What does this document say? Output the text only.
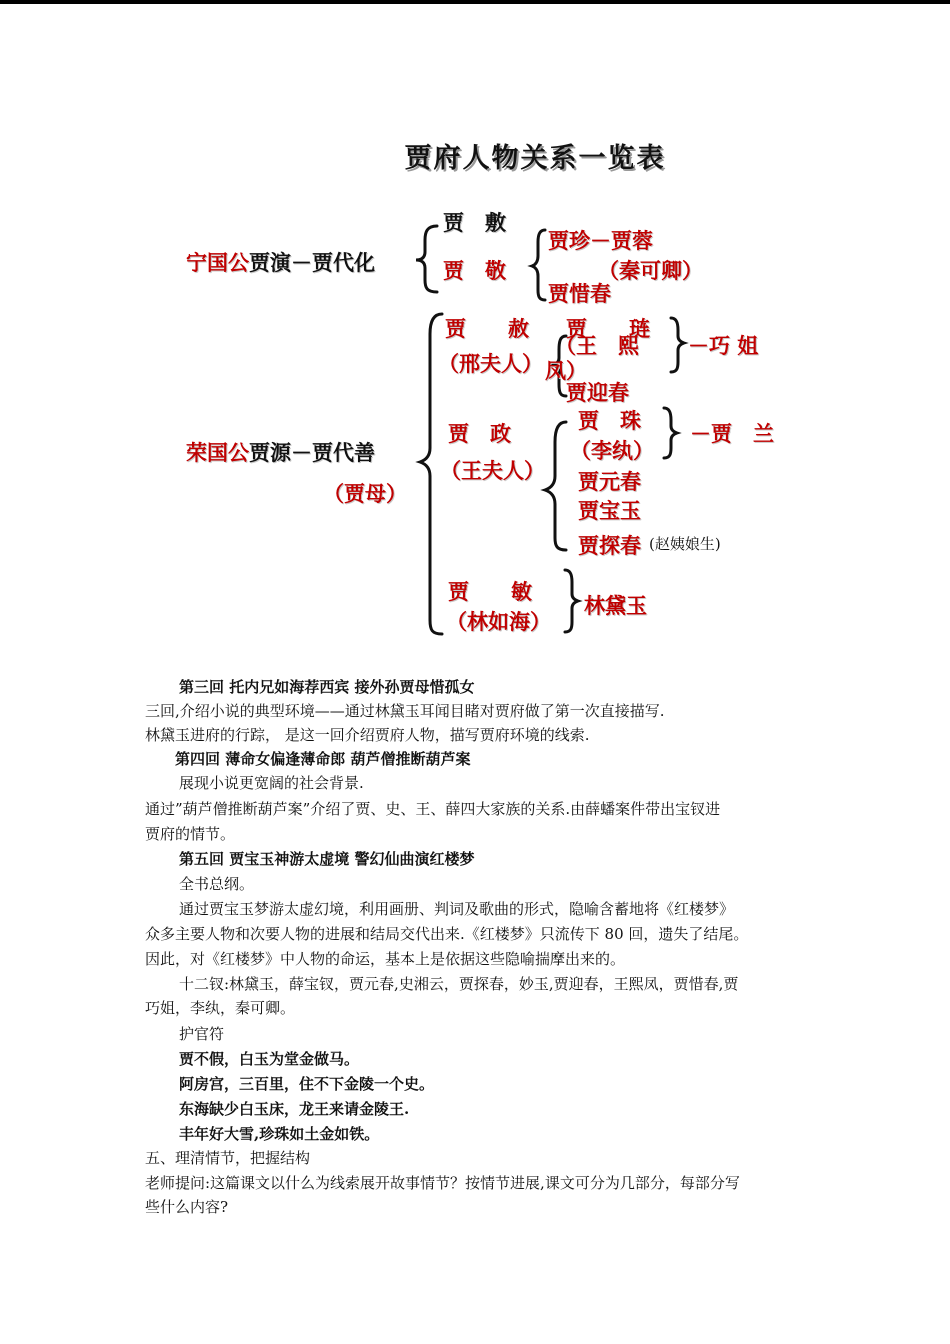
贾府人物关系一览表
宁国公贾演－贾代化
贾　敷
贾　敬
贾珍－贾蓉
（秦可卿）
贾惜春
荣国公贾源－贾代善
（贾母）
贾　　赦
（邢夫人）
贾　　琏
（王　熙
凤）
－巧 姐
贾迎春
贾　政
（王夫人）
贾　珠
（李纨）
－贾　兰
贾元春
贾宝玉
贾探春 (赵姨娘生)
贾　　敏
（林如海）
林黛玉
第三回 托内兄如海荐西宾 接外孙贾母惜孤女
三回,介绍小说的典型环境——通过林黛玉耳闻目睹对贾府做了第一次直接描写.
林黛玉进府的行踪， 是这一回介绍贾府人物，描写贾府环境的线索.
第四回 薄命女偏逢薄命郎 葫芦僧推断葫芦案
展现小说更宽阔的社会背景.
通过”葫芦僧推断葫芦案”介绍了贾、史、王、薛四大家族的关系.由薛蟠案件带出宝钗进
贾府的情节。
第五回 贾宝玉神游太虚境 警幻仙曲演红楼梦
全书总纲。
通过贾宝玉梦游太虚幻境，利用画册、判词及歌曲的形式，隐喻含蓄地将《红楼梦》
众多主要人物和次要人物的进展和结局交代出来.《红楼梦》只流传下 80 回，遗失了结尾。
因此，对《红楼梦》中人物的命运，基本上是依据这些隐喻揣摩出来的。
十二钗:林黛玉，薛宝钗，贾元春,史湘云，贾探春，妙玉,贾迎春，王熙凤，贾惜春,贾
巧姐，李纨，秦可卿。
护官符
贾不假，白玉为堂金做马。
阿房宫，三百里，住不下金陵一个史。
东海缺少白玉床，龙王来请金陵王.
丰年好大雪,珍珠如土金如铁。
五、理清情节，把握结构
老师提问:这篇课文以什么为线索展开故事情节？按情节进展,课文可分为几部分，每部分写
些什么内容?
